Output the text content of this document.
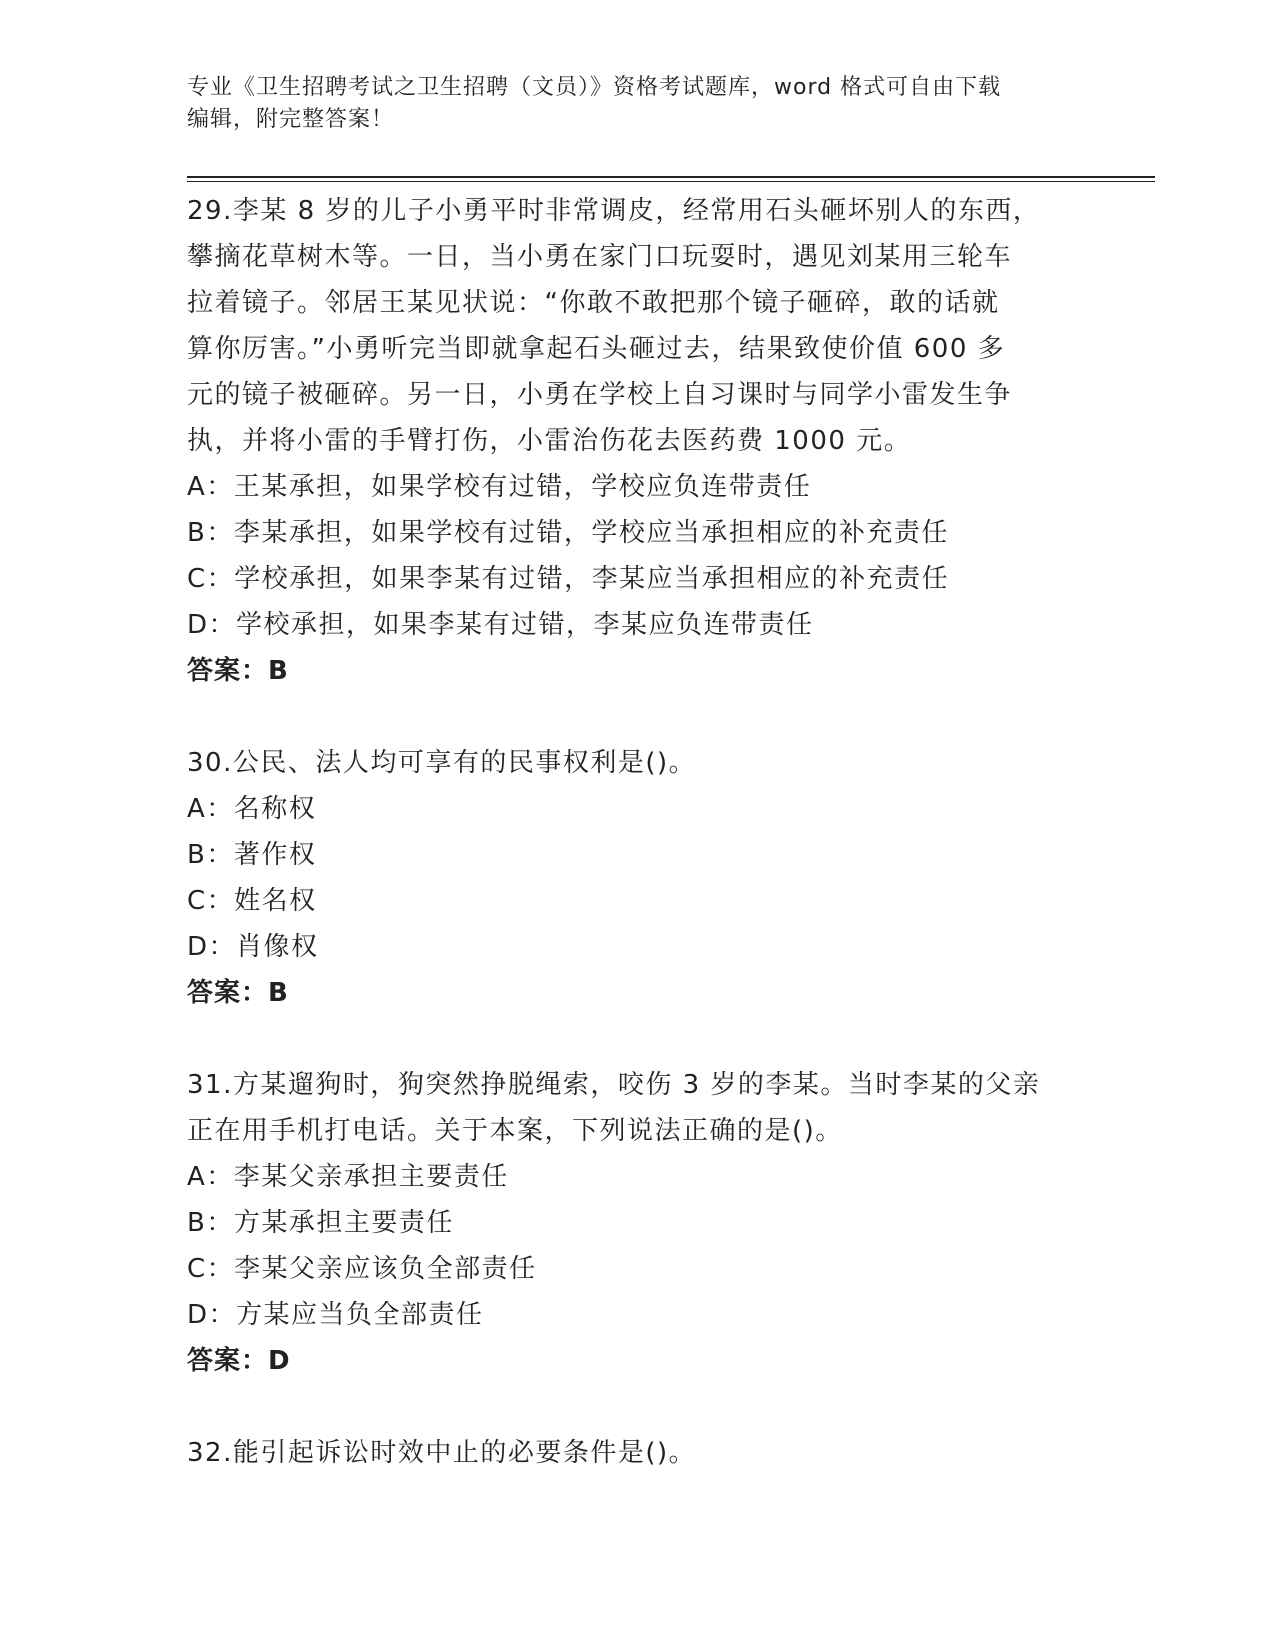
专业《卫生招聘考试之卫生招聘（文员）》资格考试题库，word 格式可自由下载
编辑，附完整答案！

29.李某 8 岁的儿子小勇平时非常调皮，经常用石头砸坏别人的东西，

攀摘花草树木等。一日，当小勇在家门口玩耍时，遇见刘某用三轮车

拉着镜子。邻居王某见状说：“你敢不敢把那个镜子砸碎，敢的话就

算你厉害。”小勇听完当即就拿起石头砸过去，结果致使价值 600 多

元的镜子被砸碎。另一日，小勇在学校上自习课时与同学小雷发生争

执，并将小雷的手臂打伤，小雷治伤花去医药费 1000 元。

A：王某承担，如果学校有过错，学校应负连带责任

B：李某承担，如果学校有过错，学校应当承担相应的补充责任

C：学校承担，如果李某有过错，李某应当承担相应的补充责任

D：学校承担，如果李某有过错，李某应负连带责任

答案：B

30.公民、法人均可享有的民事权利是()。

A：名称权

B：著作权

C：姓名权

D：肖像权

答案：B

31.方某遛狗时，狗突然挣脱绳索，咬伤 3 岁的李某。当时李某的父亲

正在用手机打电话。关于本案，下列说法正确的是()。

A：李某父亲承担主要责任

B：方某承担主要责任

C：李某父亲应该负全部责任

D：方某应当负全部责任

答案：D

32.能引起诉讼时效中止的必要条件是()。
